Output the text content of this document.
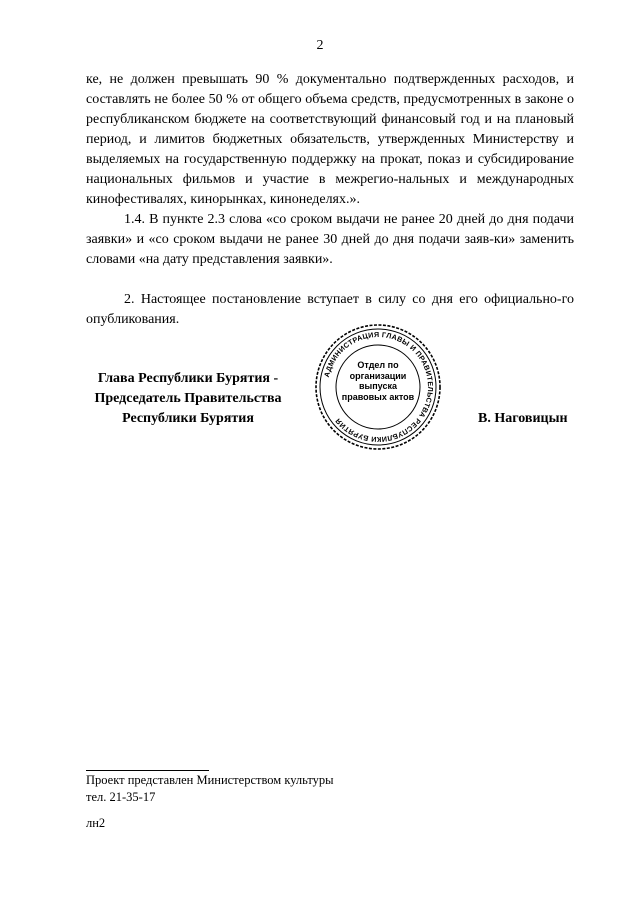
2

ке, не должен превышать 90 % документально подтвержденных расходов, и составлять не более 50 % от общего объема средств, предусмотренных в законе о республиканском бюджете на соответствующий финансовый год и на плановый период, и лимитов бюджетных обязательств, утвержденных Министерству и выделяемых на государственную поддержку на прокат, показ и субсидирование национальных фильмов и участие в межрегио-нальных и международных кинофестивалях, кинорынках, кинонеделях.».

1.4. В пункте 2.3 слова «со сроком выдачи не ранее 20 дней до дня подачи заявки» и «со сроком выдачи не ранее 30 дней до дня подачи заяв-ки» заменить словами «на дату представления заявки».

2. Настоящее постановление вступает в силу со дня его официально-го опубликования.

Глава Республики Бурятия -
Председатель Правительства
Республики Бурятия
АДМИНИСТРАЦИЯ ГЛАВЫ И ПРАВИТЕЛЬСТВА РЕСПУБЛИКИ БУРЯТИЯ
Отдел по организации выпуска правовых актов
В. Наговицын
Проект представлен Министерством культуры
тел. 21-35-17
лн2
